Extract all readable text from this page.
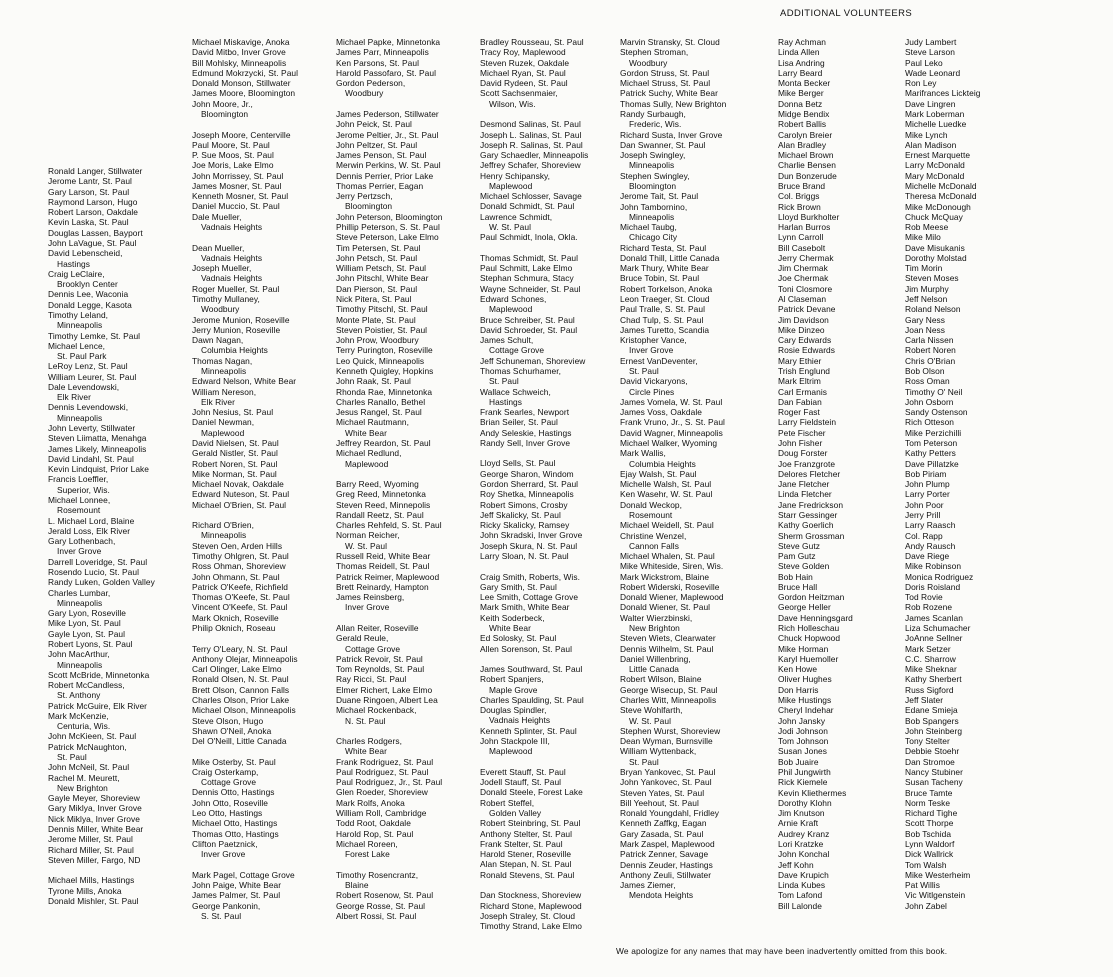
ADDITIONAL VOLUNTEERS
Ronald Langer, Stillwater
Jerome Lantr, St. Paul
Gary Larson, St. Paul
Raymond Larson, Hugo
Robert Larson, Oakdale
Kevin Laska, St. Paul
Douglas Lassen, Bayport
John LaVague, St. Paul
David Lebenscheid,
Hastings
Craig LeClaire,
Brooklyn Center
Dennis Lee, Waconia
Donald Legge, Kasota
Timothy Leland,
Minneapolis
Timothy Lemke, St. Paul
Michael Lence,
St. Paul Park
LeRoy Lenz, St. Paul
William Leurer, St. Paul
Dale Levendowski,
Elk River
Dennis Levendowski,
Minneapolis
John Leverty, Stillwater
Steven Liimatta, Menahga
James Likely, Minneapolis
David Lindahl, St. Paul
Kevin Lindquist, Prior Lake
Francis Loeffler,
Superior, Wis.
Michael Lonnee,
Rosemount
L. Michael Lord, Blaine
Jerald Loss, Elk River
Gary Lothenbach,
Inver Grove
Darrell Loveridge, St. Paul
Rosendo Lucio, St. Paul
Randy Luken, Golden Valley
Charles Lumbar,
Minneapolis
Gary Lyon, Roseville
Mike Lyon, St. Paul
Gayle Lyon, St. Paul
Robert Lyons, St. Paul
John MacArthur,
Minneapolis
Scott McBride, Minnetonka
Robert McCandless,
St. Anthony
Patrick McGuire, Elk River
Mark McKenzie,
Centuria, Wis.
John McKieen, St. Paul
Patrick McNaughton,
St. Paul
John McNeil, St. Paul
Rachel M. Meurett,
New Brighton
Gayle Meyer, Shoreview
Gary Miklya, Inver Grove
Nick Miklya, Inver Grove
Dennis Miller, White Bear
Jerome Miller, St. Paul
Richard Miller, St. Paul
Steven Miller, Fargo, ND
Michael Mills, Hastings
Tyrone Mills, Anoka
Donald Mishler, St. Paul
Michael Miskavige, Anoka
David Mitbo, Inver Grove
Bill Mohlsky, Minneapolis
Edmund Mokrzycki, St. Paul
Donald Monson, Stillwater
James Moore, Bloomington
John Moore, Jr.,
Bloomington
Joseph Moore, Centerville
Paul Moore, St. Paul
P. Sue Moos, St. Paul
Joe Moris, Lake Elmo
John Morrissey, St. Paul
James Mosner, St. Paul
Kenneth Mosner, St. Paul
Daniel Muccio, St. Paul
Dale Mueller,
Vadnais Heights
Dean Mueller,
Vadnais Heights
Joseph Mueller,
Vadnais Heights
Roger Mueller, St. Paul
Timothy Mullaney,
Woodbury
Jerome Munion, Roseville
Jerry Munion, Roseville
Dawn Nagan,
Columbia Heights
Thomas Nagan,
Minneapolis
Edward Nelson, White Bear
William Nereson,
Elk River
John Nesius, St. Paul
Daniel Newman,
Maplewood
David Nielsen, St. Paul
Gerald Nistler, St. Paul
Robert Noren, St. Paul
Mike Norman, St. Paul
Michael Novak, Oakdale
Edward Nuteson, St. Paul
Michael O'Brien, St. Paul
Richard O'Brien,
Minneapolis
Steven Oen, Arden Hills
Timothy Ohlgren, St. Paul
Ross Ohman, Shoreview
John Ohmann, St. Paul
Patrick O'Keefe, Richfield
Thomas O'Keefe, St. Paul
Vincent O'Keefe, St. Paul
Mark Oknich, Roseville
Philip Oknich, Roseau
Terry O'Leary, N. St. Paul
Anthony Olejar, Minneapolis
Carl Olinger, Lake Elmo
Ronald Olsen, N. St. Paul
Brett Olson, Cannon Falls
Charles Olson, Prior Lake
Michael Olson, Minneapolis
Steve Olson, Hugo
Shawn O'Neil, Anoka
Del O'Neill, Little Canada
Mike Osterby, St. Paul
Craig Osterkamp,
Cottage Grove
Dennis Otto, Hastings
John Otto, Roseville
Leo Otto, Hastings
Michael Otto, Hastings
Thomas Otto, Hastings
Clifton Paetznick,
Inver Grove
Mark Pagel, Cottage Grove
John Paige, White Bear
James Palmer, St. Paul
George Pankonin,
S. St. Paul
Michael Papke, Minnetonka
James Parr, Minneapolis
Ken Parsons, St. Paul
Harold Passofaro, St. Paul
Gordon Pederson,
Woodbury
James Pederson, Stillwater
John Peick, St. Paul
Jerome Peltier, Jr., St. Paul
John Peltzer, St. Paul
James Penson, St. Paul
Merwin Perkins, W. St. Paul
Dennis Perrier, Prior Lake
Thomas Perrier, Eagan
Jerry Pertzsch,
Bloomington
John Peterson, Bloomington
Phillip Peterson, S. St. Paul
Steve Peterson, Lake Elmo
Tim Petersen, St. Paul
John Petsch, St. Paul
William Petsch, St. Paul
John Pitschl, White Bear
Dan Pierson, St. Paul
Nick Pitera, St. Paul
Timothy Pitschl, St. Paul
Monte Plate, St. Paul
Steven Poistier, St. Paul
John Prow, Woodbury
Terry Purington, Roseville
Leo Quick, Minneapolis
Kenneth Quigley, Hopkins
John Raak, St. Paul
Rhonda Rae, Minnetonka
Charles Ranallo, Bethel
Jesus Rangel, St. Paul
Michael Rautmann,
White Bear
Jeffrey Reardon, St. Paul
Michael Redlund,
Maplewood
Barry Reed, Wyoming
Greg Reed, Minnetonka
Steven Reed, Minnepolis
Randall Reetz, St. Paul
Charles Rehfeld, S. St. Paul
Norman Reicher,
W. St. Paul
Russell Reid, White Bear
Thomas Reidell, St. Paul
Patrick Reimer, Maplewood
Brett Reinardy, Hampton
James Reinsberg,
Inver Grove
Allan Reiter, Roseville
Gerald Reule,
Cottage Grove
Patrick Revoir, St. Paul
Tom Reynolds, St. Paul
Ray Ricci, St. Paul
Elmer Richert, Lake Elmo
Duane Ringoen, Albert Lea
Michael Rockenback,
N. St. Paul
Charles Rodgers,
White Bear
Frank Rodriguez, St. Paul
Paul Rodriguez, St. Paul
Paul Rodriguez, Jr., St. Paul
Glen Roeder, Shoreview
Mark Rolfs, Anoka
William Roll, Cambridge
Todd Root, Oakdale
Harold Rop, St. Paul
Michael Roreen,
Forest Lake
Timothy Rosencrantz,
Blaine
Robert Rosenow, St. Paul
George Rosse, St. Paul
Albert Rossi, St. Paul
Bradley Rousseau, St. Paul
Tracy Roy, Maplewood
Steven Ruzek, Oakdale
Michael Ryan, St. Paul
David Rydeen, St. Paul
Scott Sachsenmaier,
Wilson, Wis.
Desmond Salinas, St. Paul
Joseph L. Salinas, St. Paul
Joseph R. Salinas, St. Paul
Gary Schaedler, Minneapolis
Jeffrey Schafer, Shoreview
Henry Schipansky,
Maplewood
Michael Schlosser, Savage
Donald Schmidt, St. Paul
Lawrence Schmidt,
W. St. Paul
Paul Schmidt, Inola, Okla.
Thomas Schmidt, St. Paul
Paul Schmitt, Lake Elmo
Stephan Schmura, Stacy
Wayne Schneider, St. Paul
Edward Schones,
Maplewood
Bruce Schreiber, St. Paul
David Schroeder, St. Paul
James Schult,
Cottage Grove
Jeff Schuneman, Shoreview
Thomas Schurhamer,
St. Paul
Wallace Schweich,
Hastings
Frank Searles, Newport
Brian Seiler, St. Paul
Andy Seleskie, Hastings
Randy Sell, Inver Grove
Lloyd Sells, St. Paul
George Sharon, Windom
Gordon Sherrard, St. Paul
Roy Shetka, Minneapolis
Robert Simons, Crosby
Jeff Skalicky, St. Paul
Ricky Skalicky, Ramsey
John Skradski, Inver Grove
Joseph Skura, N. St. Paul
Larry Sloan, N. St. Paul
Craig Smith, Roberts, Wis.
Gary Smith, St. Paul
Lee Smith, Cottage Grove
Mark Smith, White Bear
Keith Soderbeck,
White Bear
Ed Solosky, St. Paul
Allen Sorenson, St. Paul
James Southward, St. Paul
Robert Spanjers,
Maple Grove
Charles Spaulding, St. Paul
Douglas Spindler,
Vadnais Heights
Kenneth Splinter, St. Paul
John Stackpole III,
Maplewood
Everett Stauff, St. Paul
Jodell Stauff, St. Paul
Donald Steele, Forest Lake
Robert Steffel,
Golden Valley
Robert Steinbring, St. Paul
Anthony Stelter, St. Paul
Frank Stelter, St. Paul
Harold Stener, Roseville
Alan Stepan, N. St. Paul
Ronald Stevens, St. Paul
Dan Stockness, Shoreview
Richard Stone, Maplewood
Joseph Straley, St. Cloud
Timothy Strand, Lake Elmo
Marvin Stransky, St. Cloud
Stephen Stroman,
Woodbury
Gordon Struss, St. Paul
Michael Struss, St. Paul
Patrick Suchy, White Bear
Thomas Sully, New Brighton
Randy Surbaugh,
Frederic, Wis.
Richard Susta, Inver Grove
Dan Swanner, St. Paul
Joseph Swingley,
Minneapolis
Stephen Swingley,
Bloomington
Jerome Tait, St. Paul
John Tambornino,
Minneapolis
Michael Taubg,
Chicago City
Richard Testa, St. Paul
Donald Thill, Little Canada
Mark Thury, White Bear
Bruce Tobin, St. Paul
Robert Torkelson, Anoka
Leon Traeger, St. Cloud
Paul Tralle, S. St. Paul
Chad Tulp, S. St. Paul
James Turetto, Scandia
Kristopher Vance,
Inver Grove
Ernest VanDeventer,
St. Paul
David Vickaryons,
Circle Pines
James Vomela, W. St. Paul
James Voss, Oakdale
Frank Vruno, Jr., S. St. Paul
David Wagner, Minneapolis
Michael Walker, Wyoming
Mark Wallis,
Columbia Heights
Ejay Walsh, St. Paul
Michelle Walsh, St. Paul
Ken Wasehr, W. St. Paul
Donald Weckop,
Rosemount
Michael Weidell, St. Paul
Christine Wenzel,
Cannon Falls
Michael Whalen, St. Paul
Mike Whiteside, Siren, Wis.
Mark Wickstrom, Blaine
Robert Widerski, Roseville
Donald Wiener, Maplewood
Donald Wiener, St. Paul
Walter Wierzbinski,
New Brighton
Steven Wiets, Clearwater
Dennis Wilhelm, St. Paul
Daniel Willenbring,
Little Canada
Robert Wilson, Blaine
George Wisecup, St. Paul
Charles Witt, Minneapolis
Steve Wohlfarth,
W. St. Paul
Stephen Wurst, Shoreview
Dean Wyman, Burnsville
William Wyttenback,
St. Paul
Bryan Yankovec, St. Paul
John Yankovec, St. Paul
Steven Yates, St. Paul
Bill Yeehout, St. Paul
Ronald Youngdahl, Fridley
Kenneth Zaffkg, Eagan
Gary Zasada, St. Paul
Mark Zaspel, Maplewood
Patrick Zenner, Savage
Dennis Zeuder, Hastings
Anthony Zeuli, Stillwater
James Ziemer,
Mendota Heights
Ray Achman
Linda Allen
Lisa Andring
Larry Beard
Monta Becker
Mike Berger
Donna Betz
Midge Bendix
Robert Ballis
Carolyn Breier
Alan Bradley
Michael Brown
Charlie Bensen
Dun Bonzerude
Bruce Brand
Col. Briggs
Rick Brown
Lloyd Burkholter
Harlan Burros
Lynn Carroll
Bill Casebolt
Jerry Chermak
Jim Chermak
Joe Chermak
Toni Closmore
Al Claseman
Patrick Devane
Jim Davidson
Mike Dinzeo
Cary Edwards
Rosie Edwards
Mary Ethier
Trish Englund
Mark Eltrim
Carl Ermanis
Dan Fabian
Roger Fast
Larry Fieldstein
Pete Fischer
John Fisher
Doug Forster
Joe Franzgrote
Delores Fletcher
Jane Fletcher
Linda Fletcher
Jane Fredrickson
Starr Gessinger
Kathy Goerlich
Sherm Grossman
Steve Gutz
Pam Gutz
Steve Golden
Bob Hain
Bruce Hall
Gordon Heitzman
George Heller
Dave Henningsgard
Rich Holleschau
Chuck Hopwood
Mike Horman
Karyl Huemoller
Ken Howe
Oliver Hughes
Don Harris
Mike Hustings
Cheryl Indehar
John Jansky
Jodi Johnson
Tom Johnson
Susan Jones
Bob Juaire
Phil Jungwirth
Rick Kiemele
Kevin Kliethermes
Dorothy Klohn
Jim Knutson
Arnie Kraft
Audrey Kranz
Lori Kratzke
John Konchal
Jeff Kohn
Dave Krupich
Linda Kubes
Tom Lafond
Bill Lalonde
Judy Lambert
Steve Larson
Paul Leko
Wade Leonard
Ron Ley
Marifrances Lickteig
Dave Lingren
Mark Loberman
Michelle Luedke
Mike Lynch
Alan Madison
Ernest Marquette
Larry McDonald
Mary McDonald
Michelle McDonald
Theresa McDonald
Mike McDonough
Chuck McQuay
Rob Meese
Mike Milo
Dave Misukanis
Dorothy Molstad
Tim Morin
Steven Moses
Jim Murphy
Jeff Nelson
Roland Nelson
Gary Ness
Joan Ness
Carla Nissen
Robert Noren
Chris O'Brian
Bob Olson
Ross Oman
Timothy O' Neil
John Osborn
Sandy Ostenson
Rich Otteson
Mike Perzichilli
Tom Peterson
Kathy Petters
Dave Pillatzke
Bob Piriam
John Plump
Larry Porter
John Poor
Jerry Prill
Larry Raasch
Col. Rapp
Andy Rausch
Dave Riege
Mike Robinson
Monica Rodriguez
Doris Roisland
Tod Rovie
Rob Rozene
James Scanlan
Liza Schumacher
JoAnne Sellner
Mark Setzer
C.C. Sharrow
Mike Sheknar
Kathy Sherbert
Russ Sigford
Jeff Slater
Edane Smieja
Bob Spangers
John Steinberg
Tony Stelter
Debbie Stoehr
Dan Stromoe
Nancy Stubiner
Susan Tacheny
Bruce Tamte
Norm Teske
Richard Tighe
Scott Thorpe
Bob Tschida
Lynn Waldorf
Dick Wallrick
Tom Walsh
Mike Westerheim
Pat Willis
Vic Witlgenstein
John Zabel
We apologize for any names that may have been inadvertently omitted from this book.
